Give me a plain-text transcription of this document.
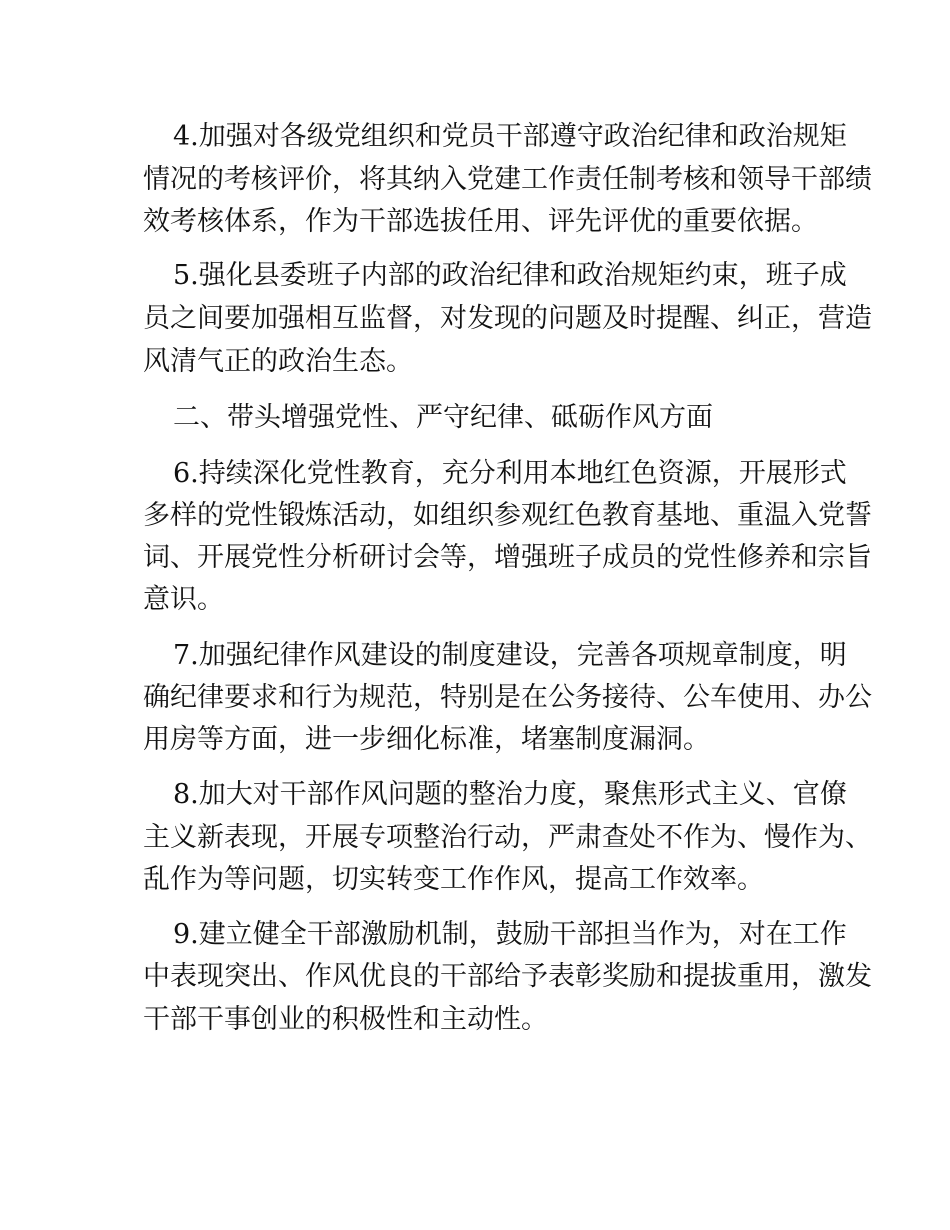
4.加强对各级党组织和党员干部遵守政治纪律和政治规矩
情况的考核评价，将其纳入党建工作责任制考核和领导干部绩
效考核体系，作为干部选拔任用、评先评优的重要依据。
5.强化县委班子内部的政治纪律和政治规矩约束，班子成
员之间要加强相互监督，对发现的问题及时提醒、纠正，营造
风清气正的政治生态。
二、带头增强党性、严守纪律、砥砺作风方面
6.持续深化党性教育，充分利用本地红色资源，开展形式
多样的党性锻炼活动，如组织参观红色教育基地、重温入党誓
词、开展党性分析研讨会等，增强班子成员的党性修养和宗旨
意识。
7.加强纪律作风建设的制度建设，完善各项规章制度，明
确纪律要求和行为规范，特别是在公务接待、公车使用、办公
用房等方面，进一步细化标准，堵塞制度漏洞。
8.加大对干部作风问题的整治力度，聚焦形式主义、官僚
主义新表现，开展专项整治行动，严肃查处不作为、慢作为、
乱作为等问题，切实转变工作作风，提高工作效率。
9.建立健全干部激励机制，鼓励干部担当作为，对在工作
中表现突出、作风优良的干部给予表彰奖励和提拔重用，激发
干部干事创业的积极性和主动性。
